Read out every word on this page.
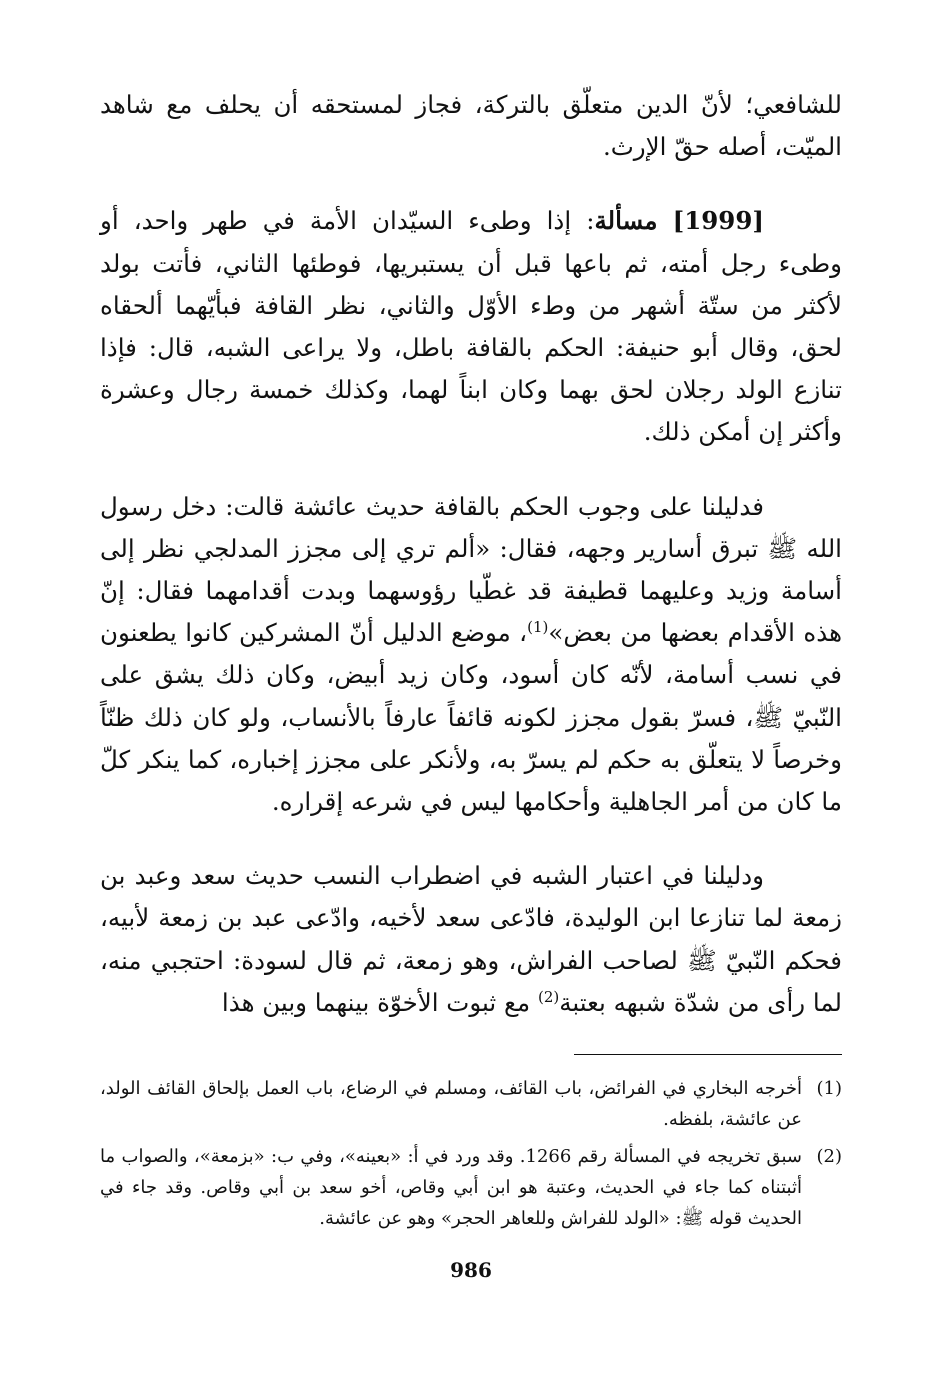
للشافعي؛ لأنّ الدين متعلّق بالتركة، فجاز لمستحقه أن يحلف مع شاهد الميّت، أصله حقّ الإرث.

[1999] مسألة: إذا وطىء السيّدان الأمة في طهر واحد، أو وطىء رجل أمته، ثم باعها قبل أن يستبريها، فوطئها الثاني، فأتت بولد لأكثر من ستّة أشهر من وطء الأوّل والثاني، نظر القافة فبأيّهما ألحقاه لحق، وقال أبو حنيفة: الحكم بالقافة باطل، ولا يراعى الشبه، قال: فإذا تنازع الولد رجلان لحق بهما وكان ابناً لهما، وكذلك خمسة رجال وعشرة وأكثر إن أمكن ذلك.

فدليلنا على وجوب الحكم بالقافة حديث عائشة قالت: دخل رسول الله ﷺ تبرق أسارير وجهه، فقال: «ألم تري إلى مجزز المدلجي نظر إلى أسامة وزيد وعليهما قطيفة قد غطّيا رؤوسهما وبدت أقدامهما فقال: إنّ هذه الأقدام بعضها من بعض»$^{(1)}$، موضع الدليل أنّ المشركين كانوا يطعنون في نسب أسامة، لأنّه كان أسود، وكان زيد أبيض، وكان ذلك يشق على النّبيّ ﷺ، فسرّ بقول مجزز لكونه قائفاً عارفاً بالأنساب، ولو كان ذلك ظنّاً وخرصاً لا يتعلّق به حكم لم يسرّ به، ولأنكر على مجزز إخباره، كما ينكر كلّ ما كان من أمر الجاهلية وأحكامها ليس في شرعه إقراره.

ودليلنا في اعتبار الشبه في اضطراب النسب حديث سعد وعبد بن زمعة لما تنازعا ابن الوليدة، فادّعى سعد لأخيه، وادّعى عبد بن زمعة لأبيه، فحكم النّبيّ ﷺ لصاحب الفراش، وهو زمعة، ثم قال لسودة: احتجبي منه، لما رأى من شدّة شبهه بعتبة$^{(2)}$ مع ثبوت الأخوّة بينهما وبين هذا

(1)
أخرجه البخاري في الفرائض، باب القائف، ومسلم في الرضاع، باب العمل بإلحاق القائف الولد، عن عائشة، بلفظه.
(2)
سبق تخريجه في المسألة رقم 1266. وقد ورد في أ: «بعينه»، وفي ب: «بزمعة»، والصواب ما أثبتناه كما جاء في الحديث، وعتبة هو ابن أبي وقاص، أخو سعد بن أبي وقاص. وقد جاء في الحديث قوله ﷺ: «الولد للفراش وللعاهر الحجر» وهو عن عائشة.
986
